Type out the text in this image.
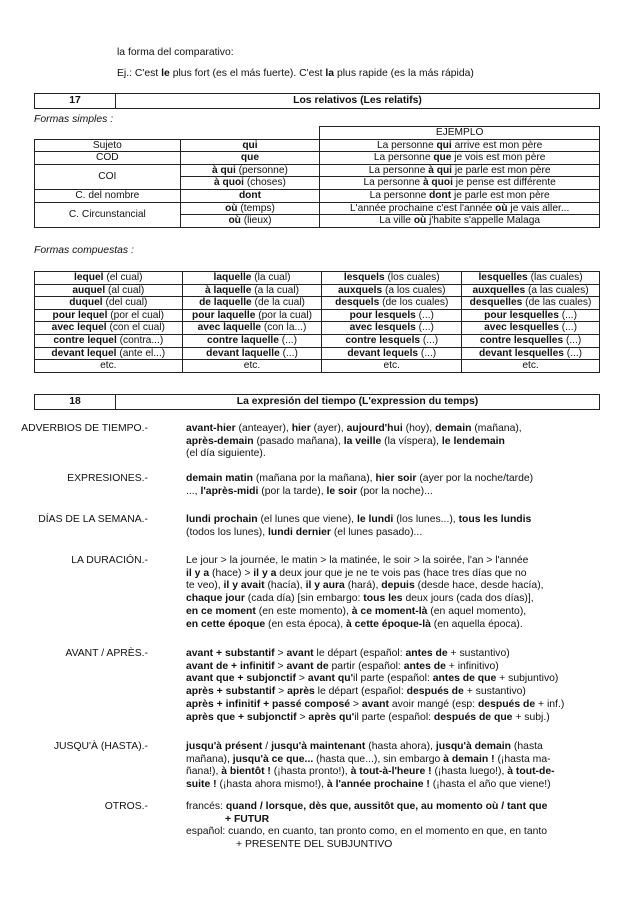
la forma del comparativo:
Ej.: C'est le plus fort (es el más fuerte). C'est la plus rapide (es la más rápida)
17	Los relativos (Les relatifs)
Formas simples :
		EJEMPLO
Sujeto	qui	La personne qui arrive est mon père
COD	que	La personne que je vois est mon père
COI	à qui (personne)	La personne à qui je parle est mon père
	à quoi (choses)	La personne à quoi je pense est différente
C. del nombre	dont	La personne dont je parle est mon père
C. Circunstancial	où (temps)	L'année prochaine c'est l'année où je vais aller...
	où (lieux)	La ville où j'habite s'appelle Malaga
Formas compuestas :
lequel (el cual)	laquelle (la cual)	lesquels (los cuales)	lesquelles (las cuales)
auquel (al cual)	à laquelle (a la cual)	auxquels (a los cuales)	auxquelles (a las cuales)
duquel (del cual)	de laquelle (de la cual)	desquels (de los cuales)	desquelles (de las cuales)
pour lequel (por el cual)	pour laquelle (por la cual)	pour lesquels (...)	pour lesquelles (...)
avec lequel (con el cual)	avec laquelle (con la...)	avec lesquels (...)	avec lesquelles (...)
contre lequel (contra...)	contre laquelle (...)	contre lesquels (...)	contre lesquelles (...)
devant lequel (ante el...)	devant laquelle (...)	devant lequels (...)	devant lesquelles (...)
etc.	etc.	etc.	etc.
18	La expresión del tiempo (L'expression du temps)
ADVERBIOS DE TIEMPO.-	avant-hier (anteayer), hier (ayer), aujourd'hui (hoy), demain (mañana),
après-demain (pasado mañana), la veille (la víspera), le lendemain
(el día siguiente).
EXPRESIONES.-	demain matin (mañana por la mañana), hier soir (ayer por la noche/tarde)
..., l'après-midi (por la tarde), le soir (por la noche)...
DÍAS DE LA SEMANA.-	lundi prochain (el lunes que viene), le lundi (los lunes...), tous les lundis
(todos los lunes), lundi dernier (el lunes pasado)...
LA DURACIÓN.-	Le jour > la journée, le matin > la matinée, le soir > la soirée, l'an > l'année
il y a (hace) > il y a deux jour que je ne te vois pas (hace tres días que no
te veo), il y avait (hacía), il y aura (hará), depuis (desde hace, desde hacía),
chaque jour (cada día) [sin embargo: tous les deux jours (cada dos días)],
en ce moment (en este momento), à ce moment-là (en aquel momento),
en cette époque (en esta época), à cette époque-là (en aquella época).
AVANT / APRÈS.-	avant + substantif > avant le départ (español: antes de + sustantivo)
avant de + infinitif > avant de partir (español: antes de + infinitivo)
avant que + subjonctif > avant qu'il parte (español: antes de que + subjuntivo)
après + substantif > après le départ (español: después de + sustantivo)
après + infinitif + passé composé > avant avoir mangé (esp: después de + inf.)
après que + subjonctif > après qu'il parte (español: después de que + subj.)
JUSQU'À (HASTA).-	jusqu'à présent / jusqu'à maintenant (hasta ahora), jusqu'à demain (hasta
mañana), jusqu'à ce que... (hasta que...), sin embargo à demain ! (¡hasta ma-
ñana!), à bientôt ! (¡hasta pronto!), à tout-à-l'heure ! (¡hasta luego!), à tout-de-
suite ! (¡hasta ahora mismo!), à l'année prochaine ! (¡hasta el año que viene!)
OTROS.-	francés: quand / lorsque, dès que, aussitôt que, au momento où / tant que
+ FUTUR
español: cuando, en cuanto, tan pronto como, en el momento en que, en tanto
+ PRESENTE DEL SUBJUNTIVO
